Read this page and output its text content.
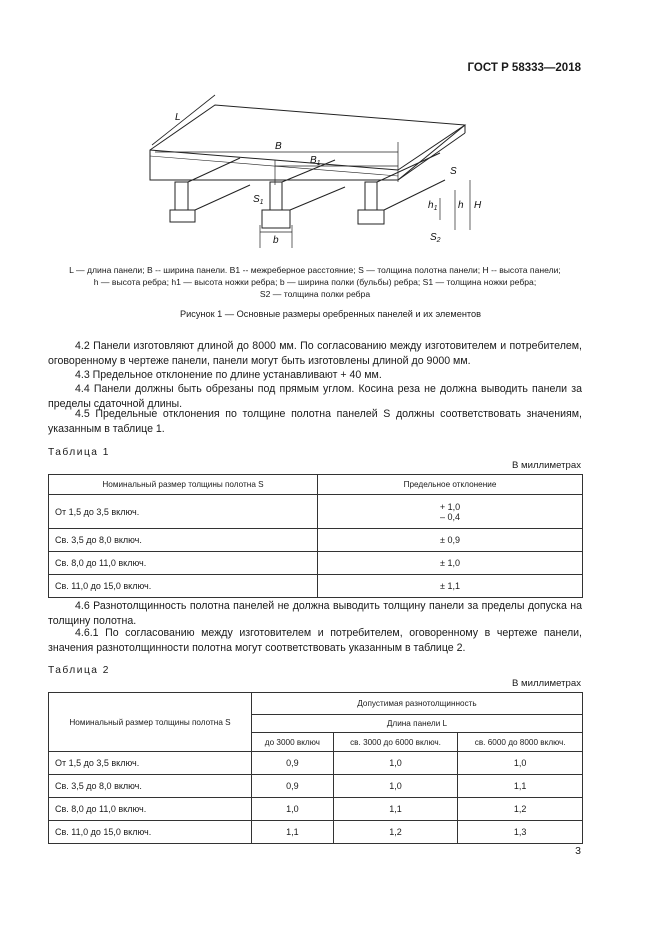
ГОСТ Р 58333—2018
L
B
$B_1$
S
H
h
$h_1$
$S_1$
b	$S_2$
L — длина панели; B -- ширина панели. B1 -- межреберное расстояние; S — толщина полотна панели; H -- высота панели;
h — высота ребра; h1 — высота ножки ребра; b — ширина полки (бульбы) ребра; S1 — толщина ножки ребра;
S2 — толщина полки ребра
Рисунок 1 — Основные размеры оребренных панелей и их элементов
4.2 Панели изготовляют длиной до 8000 мм. По согласованию между изготовителем и потребителем, оговоренному в чертеже панели, панели могут быть изготовлены длиной до 9000 мм.
4.3 Предельное отклонение по длине устанавливают + 40 мм.
4.4 Панели должны быть обрезаны под прямым углом. Косина реза не должна выводить панели за пределы сдаточной длины.
4.5 Предельные отклонения по толщине полотна панелей S должны соответствовать значениям, указанным в таблице 1.
Таблица 1
В миллиметрах
Номинальный размер толщины полотна S	Предельное отклонение
От 1,5 до 3,5 включ.	+ 1,0
– 0,4

Св. 3,5 до 8,0 включ.	± 0,9
Св. 8,0 до 11,0 включ.	± 1,0
Св. 11,0 до 15,0 включ.	± 1,1
4.6 Разнотолщинность полотна панелей не должна выводить толщину панели за пределы допуска на толщину полотна.
4.6.1 По согласованию между изготовителем и потребителем, оговоренному в чертеже панели, значения разнотолщинности полотна могут соответствовать указанным в таблице 2.
Таблица 2
В миллиметрах
Номинальный размер толщины полотна S	Допустимая разнотолщинность		
	Длина панели L		
	до 3000 включ	св. 3000 до 6000 включ.	св. 6000 до 8000 включ.
От 1,5 до 3,5 включ.	0,9	1,0	1,0
Св. 3,5 до 8,0 включ.	0,9	1,0	1,1
Св. 8,0 до 11,0 включ.	1,0	1,1	1,2
Св. 11,0 до 15,0 включ.	1,1	1,2	1,3
3
